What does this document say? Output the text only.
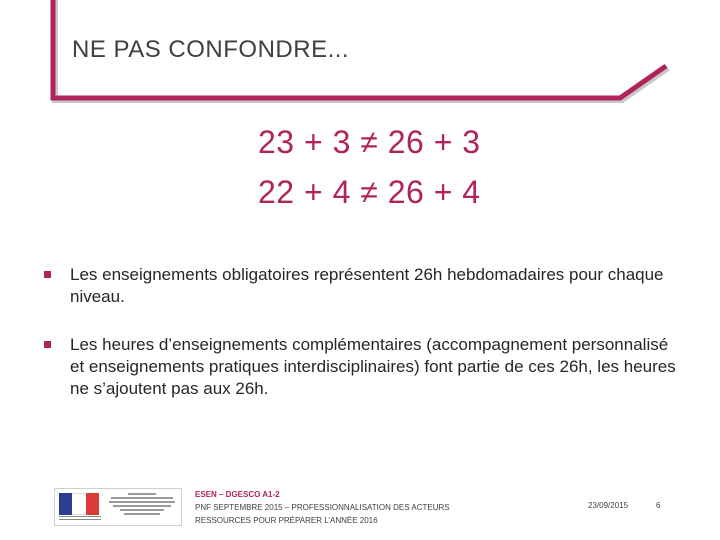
NE PAS CONFONDRE...
23 + 3 ≠ 26 + 3
22 + 4 ≠ 26 + 4
Les enseignements obligatoires représentent 26h hebdomadaires pour chaque niveau.
Les heures d’enseignements complémentaires (accompagnement personnalisé et enseignements pratiques interdisciplinaires) font partie de ces 26h, les heures ne s’ajoutent pas aux 26h.
ESEN – DGESCO A1-2
PNF SEPTEMBRE 2015 – PROFESSIONNALISATION DES ACTEURS
RESSOURCES POUR PRÉPARER L’ANNÉE 2016
23/09/2015	6
